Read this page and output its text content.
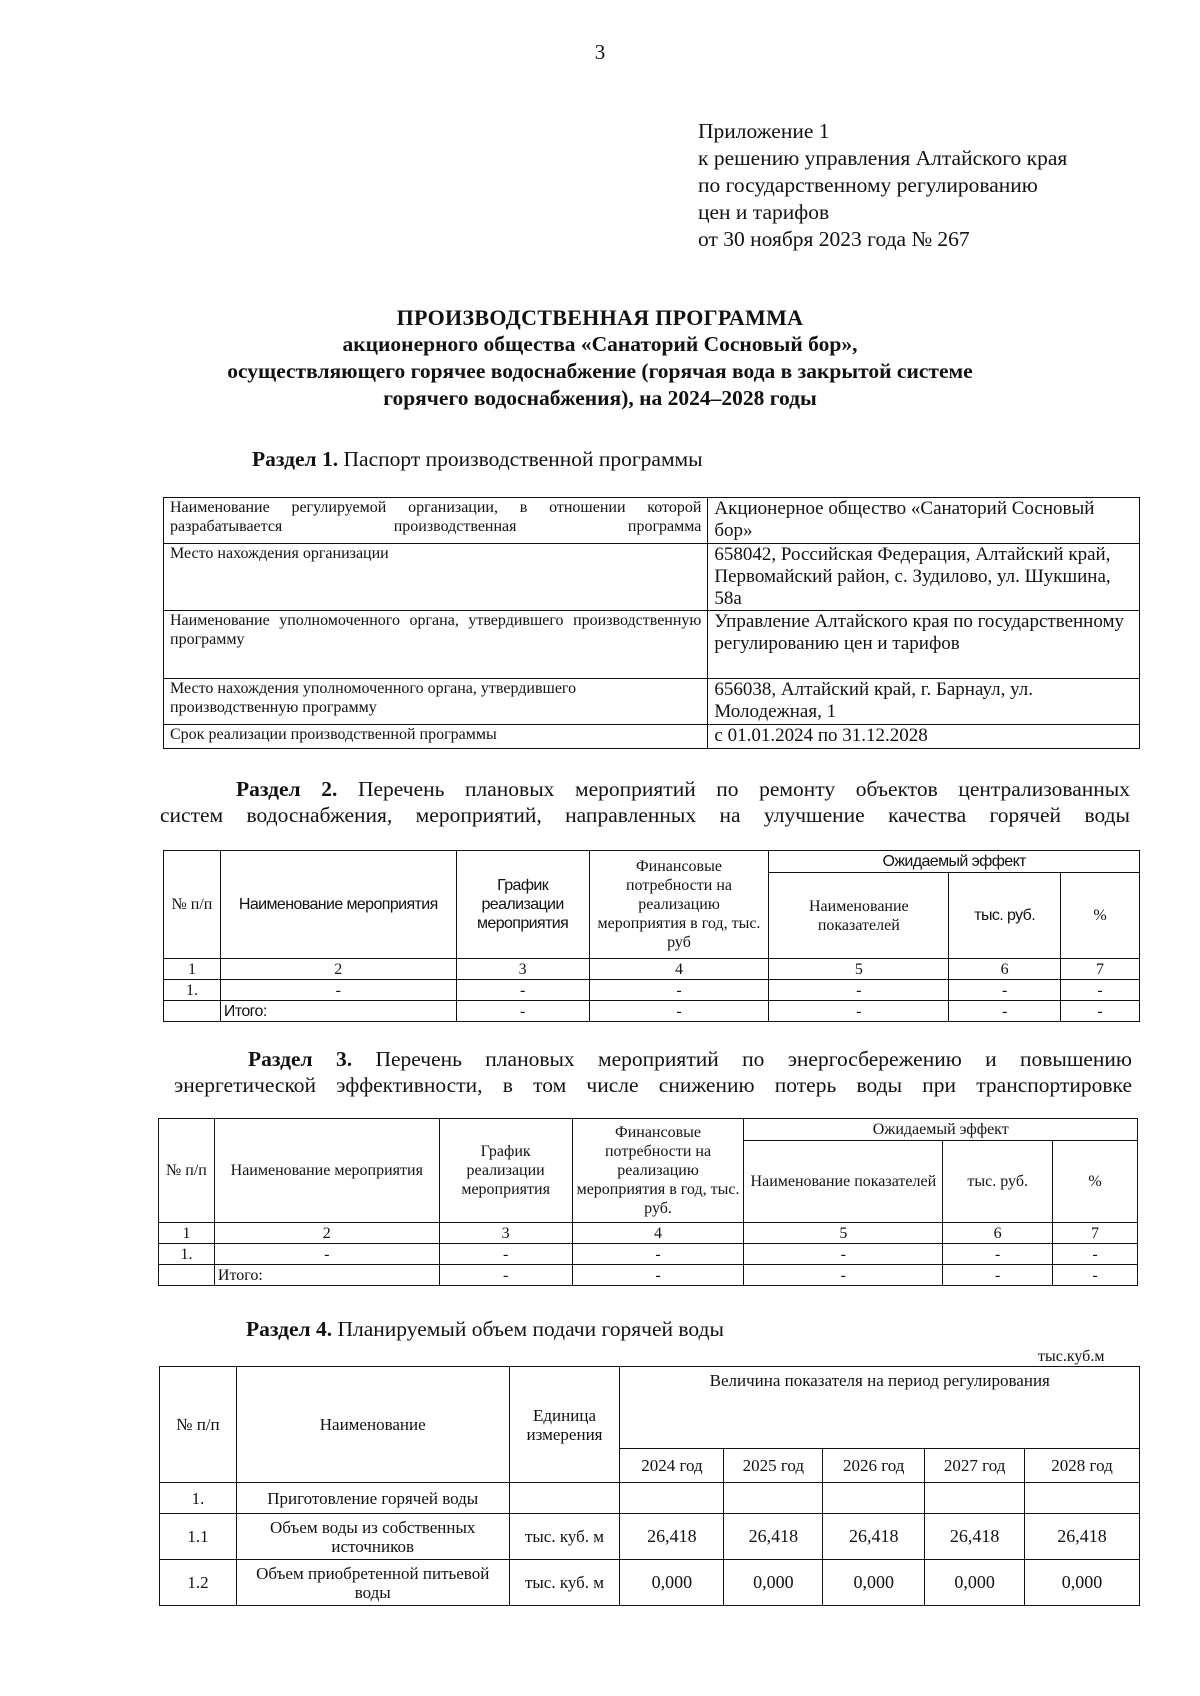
3
Приложение 1
к решению управления Алтайского края
по государственному регулированию
цен и тарифов
от 30 ноября 2023 года № 267
ПРОИЗВОДСТВЕННАЯ ПРОГРАММА
акционерного общества «Санаторий Сосновый бор»,
осуществляющего горячее водоснабжение (горячая вода в закрытой системе
горячего водоснабжения), на 2024–2028 годы
Раздел 1. Паспорт производственной программы
Наименование регулируемой организации, в отношении которой разрабатывается производственная программа	Акционерное общество «Санаторий Сосновый бор»
Место нахождения организации	658042, Российская Федерация, Алтайский край, Первомайский район, с. Зудилово, ул. Шукшина, 58а
Наименование уполномоченного органа, утвердившего производственную программу	Управление Алтайского края по государственному регулированию цен и тарифов
Место нахождения уполномоченного органа, утвердившего производственную программу	656038, Алтайский край, г. Барнаул, ул. Молодежная, 1
Срок реализации производственной программы	с 01.01.2024 по 31.12.2028
Раздел 2. Перечень плановых мероприятий по ремонту объектов централизованных
систем водоснабжения, мероприятий, направленных на улучшение качества горячей воды
№ п/п	Наименование мероприятия	График реализации мероприятия	Финансовые потребности на реализацию мероприятия в год, тыс. руб	Ожидаемый эффект		
				Наименование показателей	тыс. руб.	%
1	2	3	4	5	6	7
1.	-	-	-	-	-	-
	Итого:	-	-	-	-	-
Раздел 3. Перечень плановых мероприятий по энергосбережению и повышению
энергетической эффективности, в том числе снижению потерь воды при транспортировке
№ п/п	Наименование мероприятия	График реализации мероприятия	Финансовые потребности на реализацию мероприятия в год, тыс. руб.	Ожидаемый эффект		
				Наименование показателей	тыс. руб.	%
1	2	3	4	5	6	7
1.	-	-	-	-	-	-
	Итого:	-	-	-	-	-
Раздел 4. Планируемый объем подачи горячей воды
тыс.куб.м
№ п/п	Наименование	Единица измерения	Величина показателя на период регулирования				
			2024 год	2025 год	2026 год	2027 год	2028 год
1.	Приготовление горячей воды						
1.1	Объем воды из собственных источников	тыс. куб. м	26,418	26,418	26,418	26,418	26,418
1.2	Объем приобретенной питьевой воды	тыс. куб. м	0,000	0,000	0,000	0,000	0,000
